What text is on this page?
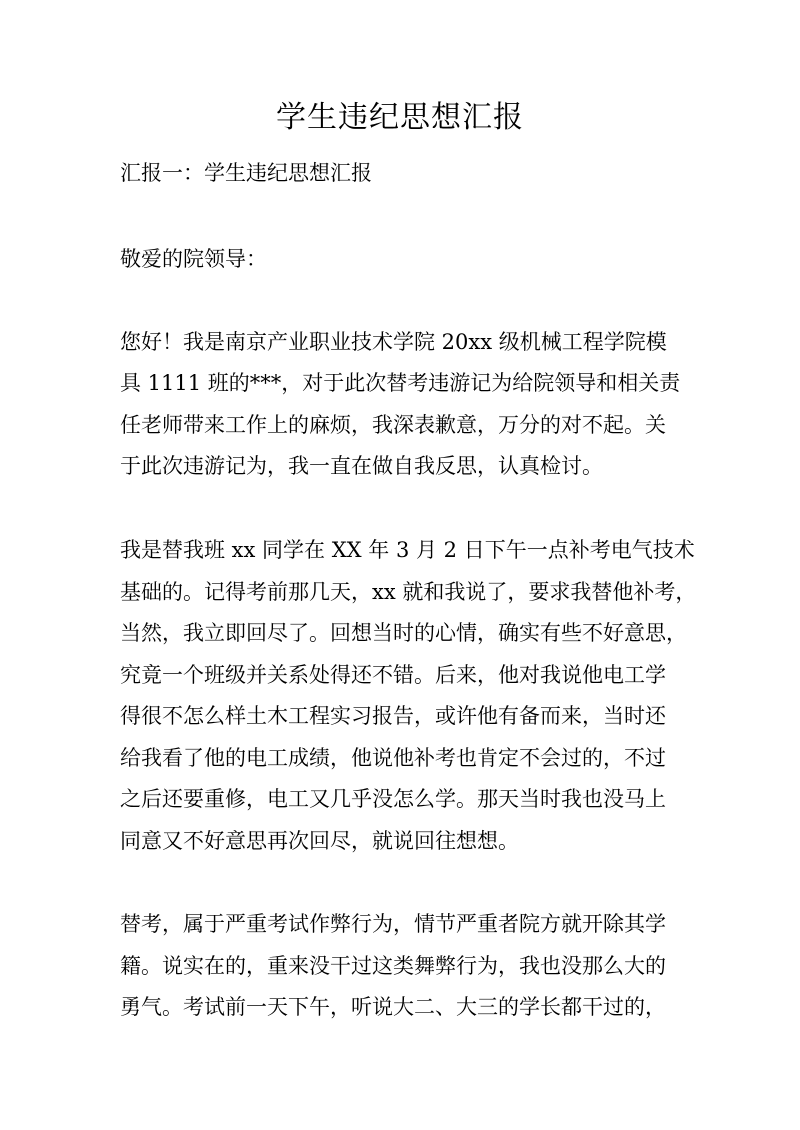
学生违纪思想汇报
汇报一：学生违纪思想汇报
敬爱的院领导：
您好！我是南京产业职业技术学院 20xx 级机械工程学院模
具 1111 班的***，对于此次替考违游记为给院领导和相关责
任老师带来工作上的麻烦，我深表歉意，万分的对不起。关
于此次违游记为，我一直在做自我反思，认真检讨。
我是替我班 xx 同学在 XX 年 3 月 2 日下午一点补考电气技术
基础的。记得考前那几天，xx 就和我说了，要求我替他补考，
当然，我立即回尽了。回想当时的心情，确实有些不好意思，
究竟一个班级并关系处得还不错。后来，他对我说他电工学
得很不怎么样土木工程实习报告，或许他有备而来，当时还
给我看了他的电工成绩，他说他补考也肯定不会过的，不过
之后还要重修，电工又几乎没怎么学。那天当时我也没马上
同意又不好意思再次回尽，就说回往想想。
替考，属于严重考试作弊行为，情节严重者院方就开除其学
籍。说实在的，重来没干过这类舞弊行为，我也没那么大的
勇气。考试前一天下午，听说大二、大三的学长都干过的，
